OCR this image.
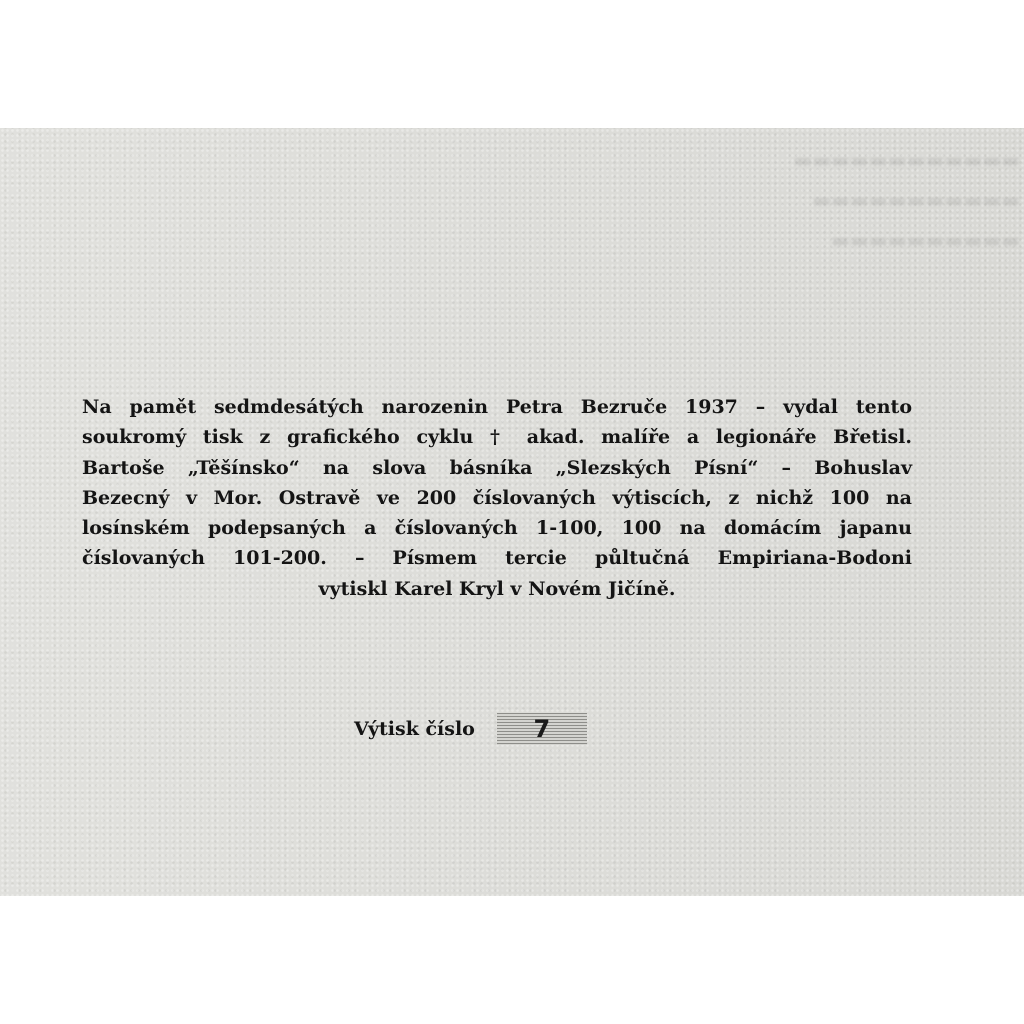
▬▬▬▬▬▬▬▬▬▬▬▬
▬▬▬▬▬▬▬▬▬▬▬
▬▬▬▬▬▬▬▬▬▬
Na pamět sedmdesátých narozenin Petra Bezruče 1937 – vydal tento
soukromý tisk z grafického cyklu † akad. malíře a legionáře Břetisl.
Bartoše „Těšínsko“ na slova básníka „Slezských Písní“ – Bohuslav
Bezecný v Mor. Ostravě ve 200 číslovaných výtiscích, z nichž 100 na
losínském podepsaných a číslovaných 1-100, 100 na domácím japanu
číslovaných 101-200. – Písmem tercie půltučná Empiriana-Bodoni
vytiskl Karel Kryl v Novém Jičíně.
Výtisk číslo	7
